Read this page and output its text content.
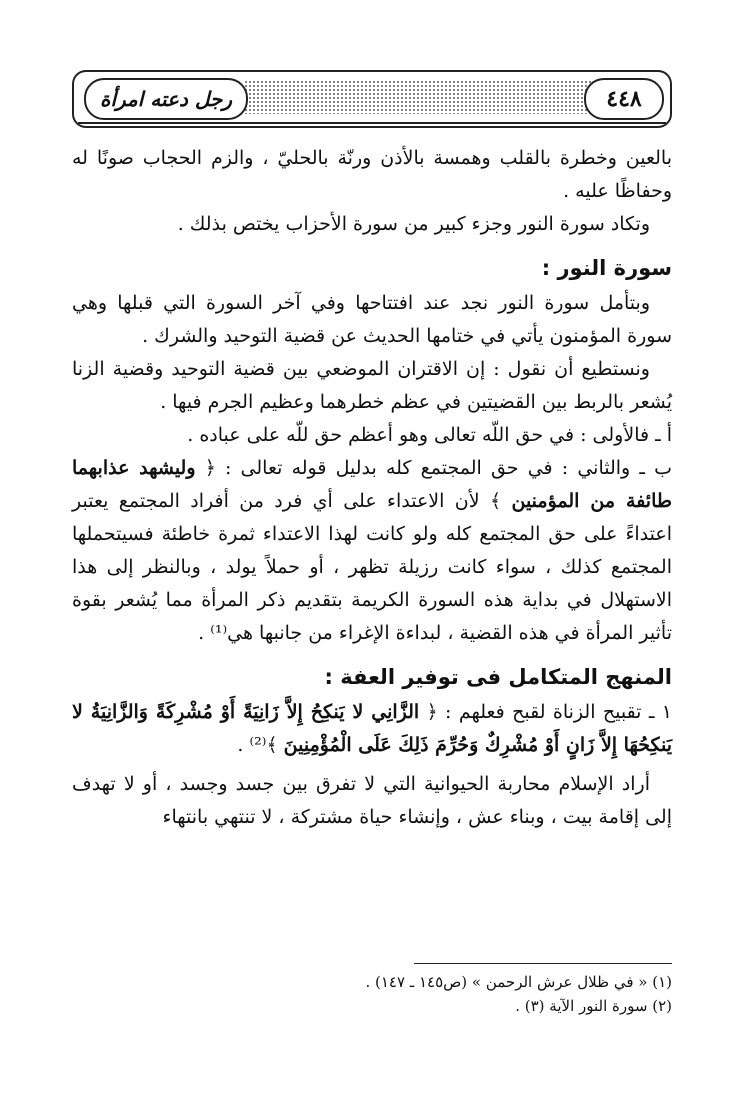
٤٤٨
رجل دعته امرأة

بالعين وخطرة بالقلب وهمسة بالأذن ورنّة بالحليّ ، والزم الحجاب صونًا له وحفاظًا عليه .

وتكاد سورة النور وجزء كبير من سورة الأحزاب يختص بذلك .

سورة النور :

وبتأمل سورة النور نجد عند افتتاحها وفي آخر السورة التي قبلها وهي سورة المؤمنون يأتي في ختامها الحديث عن قضية التوحيد والشرك .

ونستطيع أن نقول : إن الاقتران الموضعي بين قضية التوحيد وقضية الزنا يُشعر بالربط بين القضيتين في عظم خطرهما وعظيم الجرم فيها .

أ ـ فالأولى : في حق اللّه تعالى وهو أعظم حق للّه على عباده .

ب ـ والثاني : في حق المجتمع كله بدليل قوله تعالى : ﴿ وليشهد عذابهما طائفة من المؤمنين ﴾ لأن الاعتداء على أي فرد من أفراد المجتمع يعتبر اعتداءً على حق المجتمع كله ولو كانت لهذا الاعتداء ثمرة خاطئة فسيتحملها المجتمع كذلك ، سواء كانت رزيلة تظهر ، أو حملاً يولد ، وبالنظر إلى هذا الاستهلال في بداية هذه السورة الكريمة بتقديم ذكر المرأة مما يُشعر بقوة تأثير المرأة في هذه القضية ، لبداءة الإغراء من جانبها هي⁽¹⁾ .

المنهج المتكامل فى توفير العفة :

١ ـ تقبيح الزناة لقبح فعلهم : ﴿ الزَّانِي لا يَنكِحُ إِلاَّ زَانِيَةً أَوْ مُشْرِكَةً وَالزَّانِيَةُ لا يَنكِحُهَا إِلاَّ زَانٍ أَوْ مُشْرِكٌ وَحُرِّمَ ذَلِكَ عَلَى الْمُؤْمِنِينَ ﴾⁽²⁾ .

أراد الإسلام محاربة الحيوانية التي لا تفرق بين جسد وجسد ، أو لا تهدف إلى إقامة بيت ، وبناء عش ، وإنشاء حياة مشتركة ، لا تنتهي بانتهاء

(١) « في ظلال عرش الرحمن » (ص١٤٥ ـ ١٤٧) .

(٢) سورة النور الآية (٣) .
